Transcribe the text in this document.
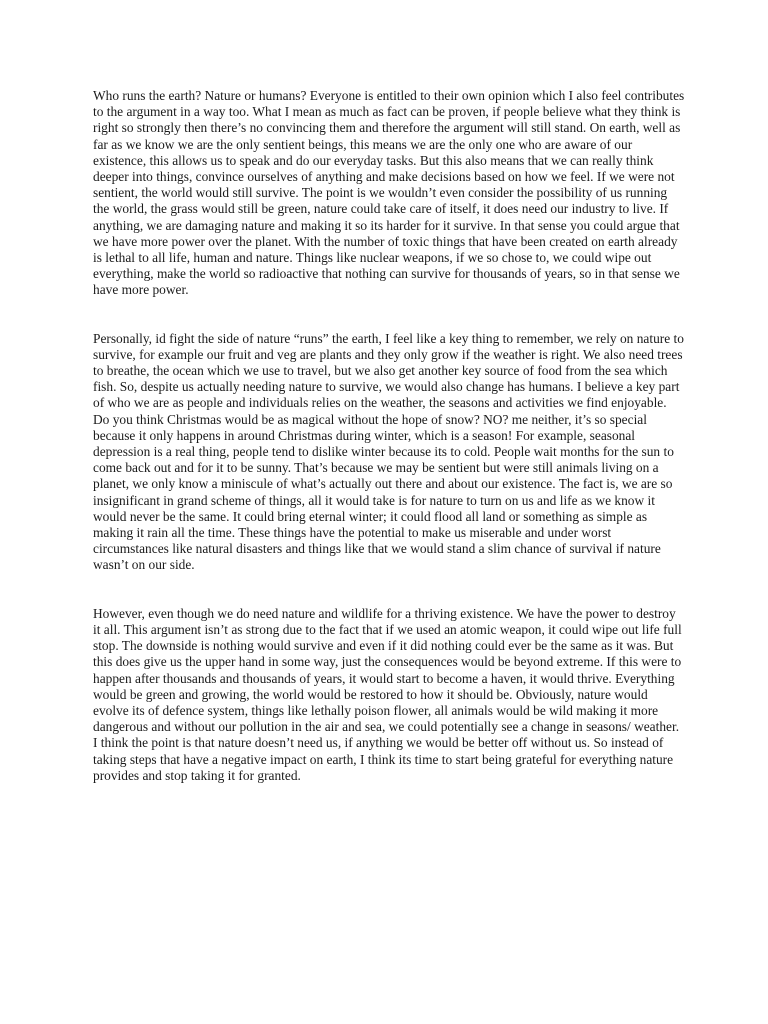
Who runs the earth? Nature or humans? Everyone is entitled to their own opinion which I also feel contributes to the argument in a way too. What I mean as much as fact can be proven, if people believe what they think is right so strongly then there’s no convincing them and therefore the argument will still stand. On earth, well as far as we know we are the only sentient beings, this means we are the only one who are aware of our existence, this allows us to speak and do our everyday tasks. But this also means that we can really think deeper into things, convince ourselves of anything and make decisions based on how we feel. If we were not sentient, the world would still survive. The point is we wouldn’t even consider the possibility of us running the world, the grass would still be green, nature could take care of itself, it does need our industry to live. If anything, we are damaging nature and making it so its harder for it survive. In that sense you could argue that we have more power over the planet. With the number of toxic things that have been created on earth already is lethal to all life, human and nature. Things like nuclear weapons, if we so chose to, we could wipe out everything, make the world so radioactive that nothing can survive for thousands of years, so in that sense we have more power.

Personally, id fight the side of nature “runs” the earth, I feel like a key thing to remember, we rely on nature to survive, for example our fruit and veg are plants and they only grow if the weather is right. We also need trees to breathe, the ocean which we use to travel, but we also get another key source of food from the sea which fish. So, despite us actually needing nature to survive, we would also change has humans. I believe a key part of who we are as people and individuals relies on the weather, the seasons and activities we find enjoyable. Do you think Christmas would be as magical without the hope of snow? NO? me neither, it’s so special because it only happens in around Christmas during winter, which is a season! For example, seasonal depression is a real thing, people tend to dislike winter because its to cold. People wait months for the sun to come back out and for it to be sunny. That’s because we may be sentient but were still animals living on a planet, we only know a miniscule of what’s actually out there and about our existence. The fact is, we are so insignificant in grand scheme of things, all it would take is for nature to turn on us and life as we know it would never be the same. It could bring eternal winter; it could flood all land or something as simple as making it rain all the time. These things have the potential to make us miserable and under worst circumstances like natural disasters and things like that we would stand a slim chance of survival if nature wasn’t on our side.

However, even though we do need nature and wildlife for a thriving existence. We have the power to destroy it all. This argument isn’t as strong due to the fact that if we used an atomic weapon, it could wipe out life full stop. The downside is nothing would survive and even if it did nothing could ever be the same as it was. But this does give us the upper hand in some way, just the consequences would be beyond extreme. If this were to happen after thousands and thousands of years, it would start to become a haven, it would thrive. Everything would be green and growing, the world would be restored to how it should be. Obviously, nature would evolve its of defence system, things like lethally poison flower, all animals would be wild making it more dangerous and without our pollution in the air and sea, we could potentially see a change in seasons/ weather. I think the point is that nature doesn’t need us, if anything we would be better off without us. So instead of taking steps that have a negative impact on earth, I think its time to start being grateful for everything nature provides and stop taking it for granted.
